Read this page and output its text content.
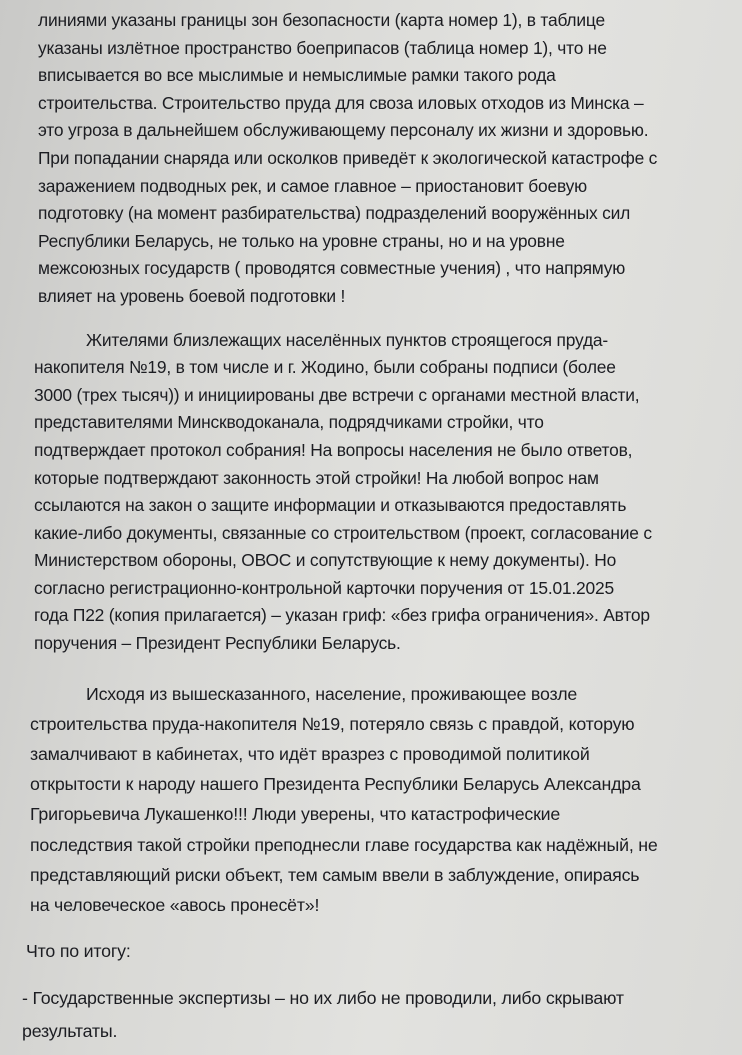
линиями указаны границы зон безопасности (карта номер 1), в таблице
указаны излётное пространство боеприпасов (таблица номер 1), что не
вписывается во все мыслимые и немыслимые рамки такого рода
строительства. Строительство пруда для своза иловых отходов из Минска –
это угроза в дальнейшем обслуживающему персоналу их жизни и здоровью.
При попадании снаряда или осколков приведёт к экологической катастрофе с
заражением подводных рек, и самое главное – приостановит боевую
подготовку (на момент разбирательства) подразделений вооружённых сил
Республики Беларусь, не только на уровне страны, но и на уровне
межсоюзных государств ( проводятся совместные учения) , что напрямую
влияет на уровень боевой подготовки !

Жителями близлежащих населённых пунктов строящегося пруда-
накопителя №19, в том числе и г. Жодино, были собраны подписи (более
3000 (трех тысяч)) и инициированы две встречи с органами местной власти,
представителями Минскводоканала, подрядчиками стройки, что
подтверждает протокол собрания! На вопросы населения не было ответов,
которые подтверждают законность этой стройки! На любой вопрос нам
ссылаются на закон о защите информации и отказываются предоставлять
какие-либо документы, связанные со строительством (проект, согласование с
Министерством обороны, ОВОС и сопутствующие к нему документы). Но
согласно регистрационно-контрольной карточки поручения от 15.01.2025
года П22 (копия прилагается) – указан гриф: «без грифа ограничения». Автор
поручения – Президент Республики Беларусь.

Исходя из вышесказанного, население, проживающее возле
строительства пруда-накопителя №19, потеряло связь с правдой, которую
замалчивают в кабинетах, что идёт вразрез с проводимой политикой
открытости к народу нашего Президента Республики Беларусь Александра
Григорьевича Лукашенко!!! Люди уверены, что катастрофические
последствия такой стройки преподнесли главе государства как надёжный, не
представляющий риски объект, тем самым ввели в заблуждение, опираясь
на человеческое «авось пронесёт»!

Что по итогу:

- Государственные экспертизы – но их либо не проводили, либо скрывают
результаты.
